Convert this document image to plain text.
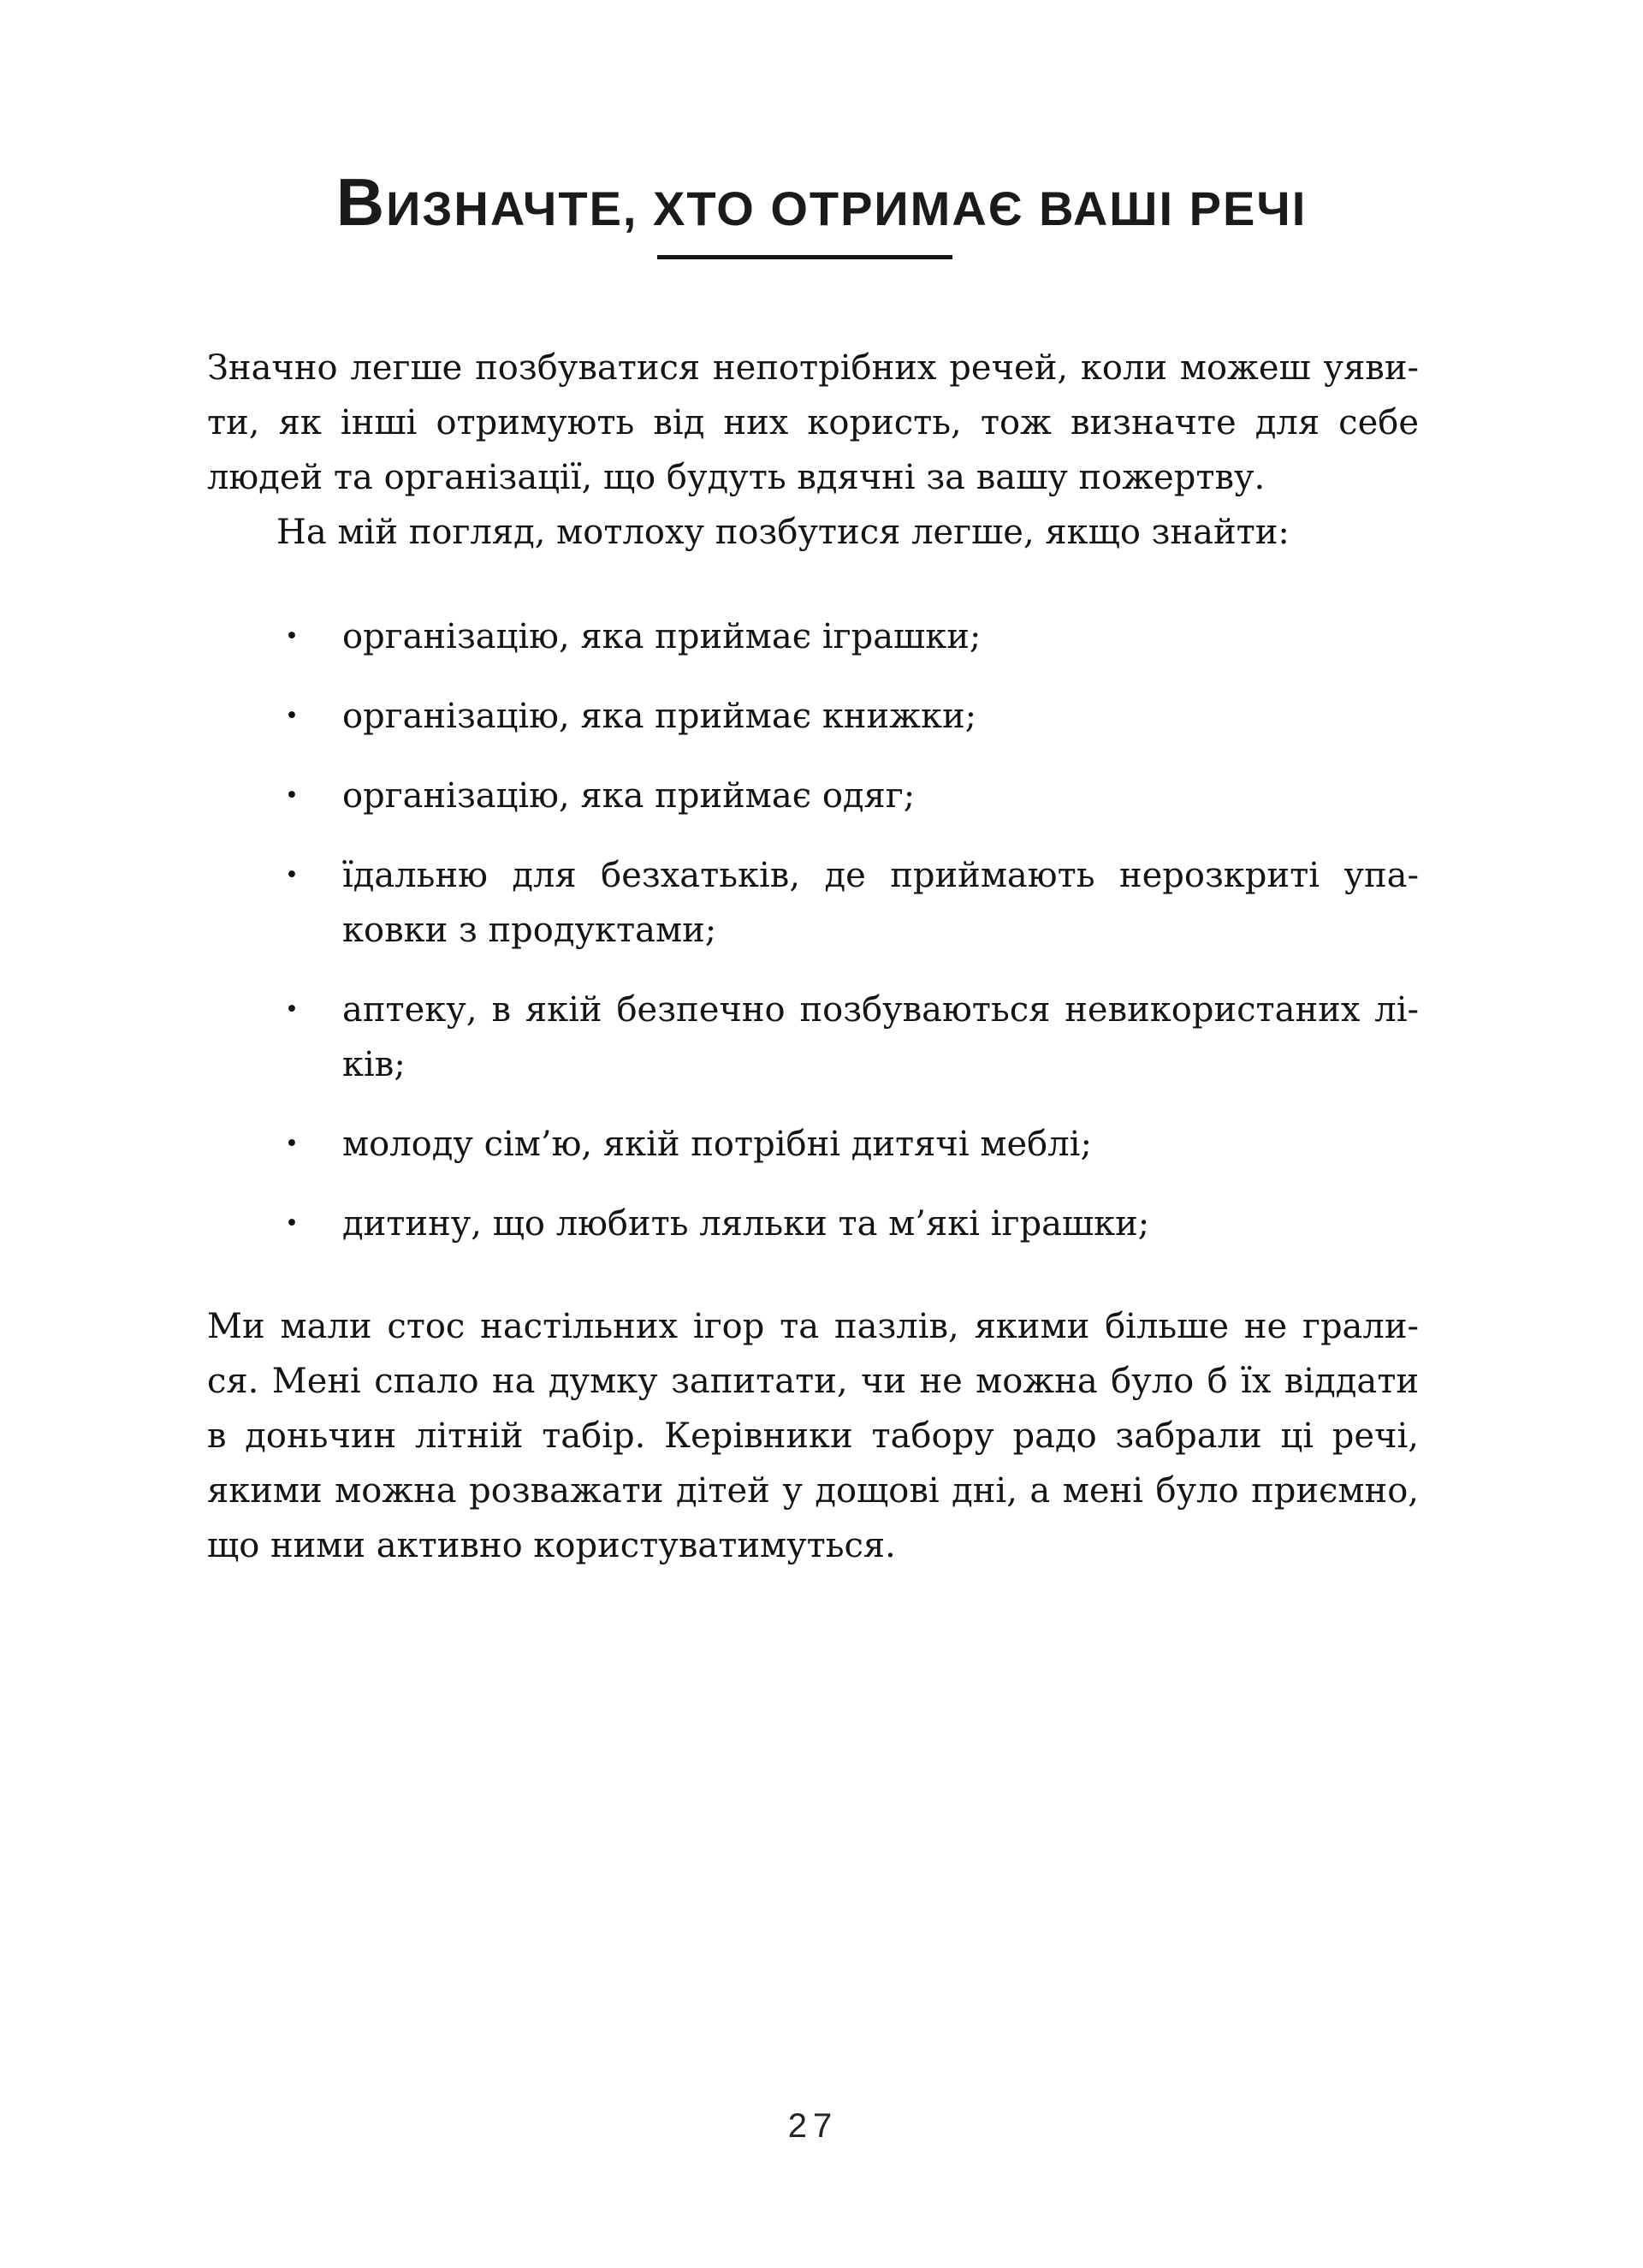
ВИЗНАЧТЕ, ХТО ОТРИМАЄ ВАШІ РЕЧІ
Значно легше позбуватися непотрібних речей, коли можеш уяви-
ти, як інші отримують від них користь, тож визначте для себе
людей та організації, що будуть вдячні за вашу пожертву.
На мій погляд, мотлоху позбутися легше, якщо знайти:
•	організацію, яка приймає іграшки;
•	організацію, яка приймає книжки;
•	організацію, яка приймає одяг;
•	їдальню для безхатьків, де приймають нерозкриті упа-
ковки з продуктами;
•	аптеку, в якій безпечно позбуваються невикористаних лі-
ків;
•	молоду сім’ю, якій потрібні дитячі меблі;
•	дитину, що любить ляльки та м’які іграшки;
Ми мали стос настільних ігор та пазлів, якими більше не грали-
ся. Мені спало на думку запитати, чи не можна було б їх віддати
в доньчин літній табір. Керівники табору радо забрали ці речі,
якими можна розважати дітей у дощові дні, а мені було приємно,
що ними активно користуватимуться.
27
